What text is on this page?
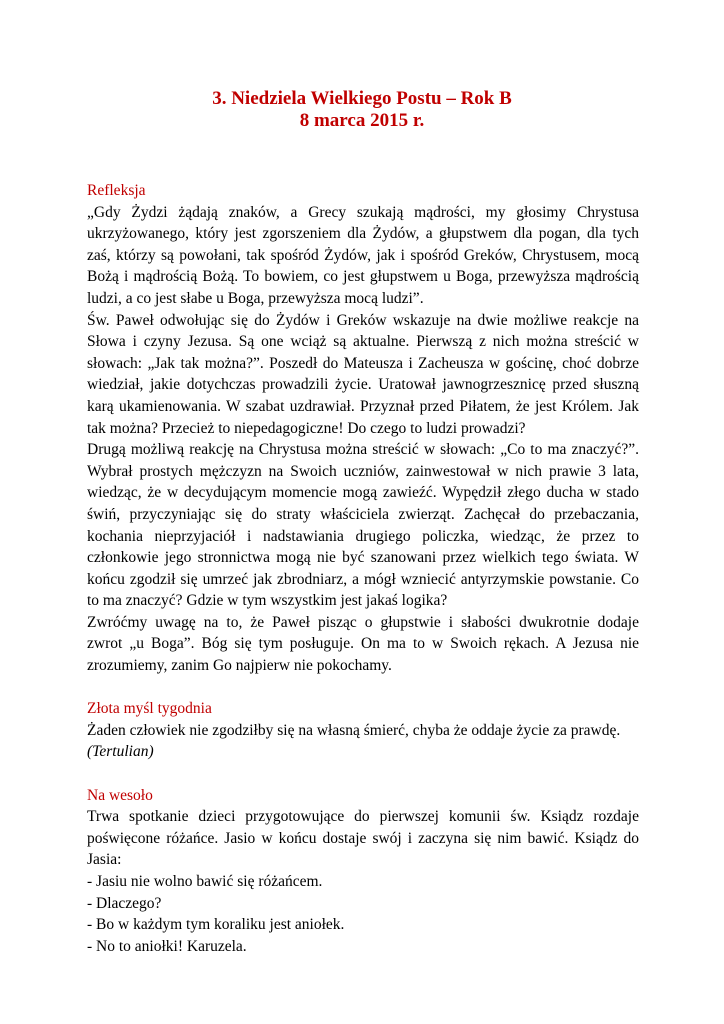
3. Niedziela Wielkiego Postu – Rok B
8 marca 2015 r.

Refleksja

„Gdy Żydzi żądają znaków, a Grecy szukają mądrości, my głosimy Chrystusa
ukrzyżowanego, który jest zgorszeniem dla Żydów, a głupstwem dla pogan, dla tych
zaś, którzy są powołani, tak spośród Żydów, jak i spośród Greków, Chrystusem, mocą
Bożą i mądrością Bożą. To bowiem, co jest głupstwem u Boga, przewyższa mądrością
ludzi, a co jest słabe u Boga, przewyższa mocą ludzi”.
Św. Paweł odwołując się do Żydów i Greków wskazuje na dwie możliwe reakcje na
Słowa i czyny Jezusa. Są one wciąż są aktualne. Pierwszą z nich można streścić w
słowach: „Jak tak można?”. Poszedł do Mateusza i Zacheusza w gościnę, choć dobrze
wiedział, jakie dotychczas prowadzili życie. Uratował jawnogrzesznicę przed słuszną
karą ukamienowania. W szabat uzdrawiał. Przyznał przed Piłatem, że jest Królem. Jak
tak można? Przecież to niepedagogiczne! Do czego to ludzi prowadzi?
Drugą możliwą reakcję na Chrystusa można streścić w słowach: „Co to ma znaczyć?”.
Wybrał prostych mężczyzn na Swoich uczniów, zainwestował w nich prawie 3 lata,
wiedząc, że w decydującym momencie mogą zawieźć. Wypędził złego ducha w stado
świń, przyczyniając się do straty właściciela zwierząt. Zachęcał do przebaczania,
kochania nieprzyjaciół i nadstawiania drugiego policzka, wiedząc, że przez to
członkowie jego stronnictwa mogą nie być szanowani przez wielkich tego świata. W
końcu zgodził się umrzeć jak zbrodniarz, a mógł wzniecić antyrzymskie powstanie. Co
to ma znaczyć? Gdzie w tym wszystkim jest jakaś logika?
Zwróćmy uwagę na to, że Paweł pisząc o głupstwie i słabości dwukrotnie dodaje
zwrot „u Boga”. Bóg się tym posługuje. On ma to w Swoich rękach. A Jezusa nie
zrozumiemy, zanim Go najpierw nie pokochamy.

Złota myśl tygodnia

Żaden człowiek nie zgodziłby się na własną śmierć, chyba że oddaje życie za prawdę.

(Tertulian)

Na wesoło

Trwa spotkanie dzieci przygotowujące do pierwszej komunii św. Ksiądz rozdaje
poświęcone różańce. Jasio w końcu dostaje swój i zaczyna się nim bawić. Ksiądz do
Jasia:

- Jasiu nie wolno bawić się różańcem.

- Dlaczego?

- Bo w każdym tym koraliku jest aniołek.

- No to aniołki! Karuzela.
